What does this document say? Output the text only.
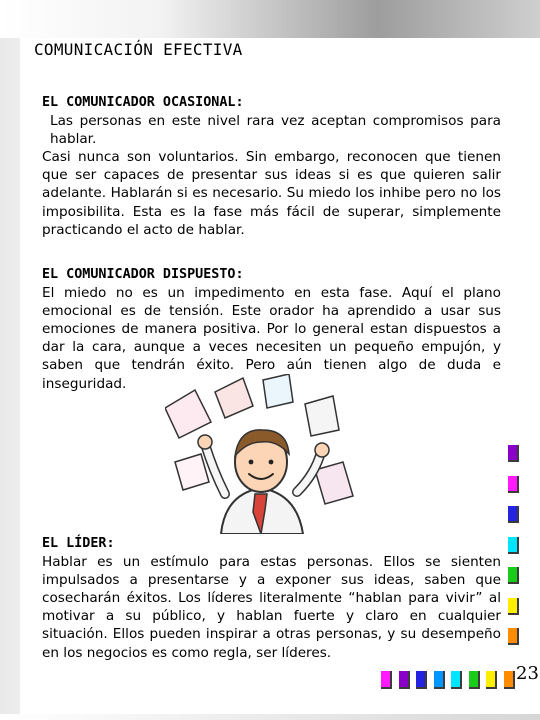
COMUNICACIÓN EFECTIVA
EL COMUNICADOR OCASIONAL:

Las personas en este nivel rara vez aceptan compromisos para hablar.

Casi nunca son voluntarios. Sin embargo, reconocen que tienen que ser capaces de presentar sus ideas si es que quieren salir adelante. Hablarán si es necesario. Su miedo los inhibe pero no los imposibilita. Esta es la fase más fácil de superar, simplemente practicando el acto de hablar.

EL COMUNICADOR DISPUESTO:

El miedo no es un impedimento en esta fase. Aquí el plano emocional es de tensión. Este orador ha aprendido a usar sus emociones de manera positiva. Por lo general estan dispuestos a dar la cara, aunque a veces necesiten un pequeño empujón, y saben que tendrán éxito. Pero aún tienen algo de duda e inseguridad.

EL LÍDER:

Hablar es un estímulo para estas personas. Ellos se sienten impulsados a presentarse y a exponer sus ideas, saben que cosecharán éxitos. Los líderes literalmente “hablan para vivir” al motivar a su público, y hablan fuerte y claro en cualquier situación. Ellos pueden inspirar a otras personas, y su desempeño en los negocios es como regla, ser líderes.

23
